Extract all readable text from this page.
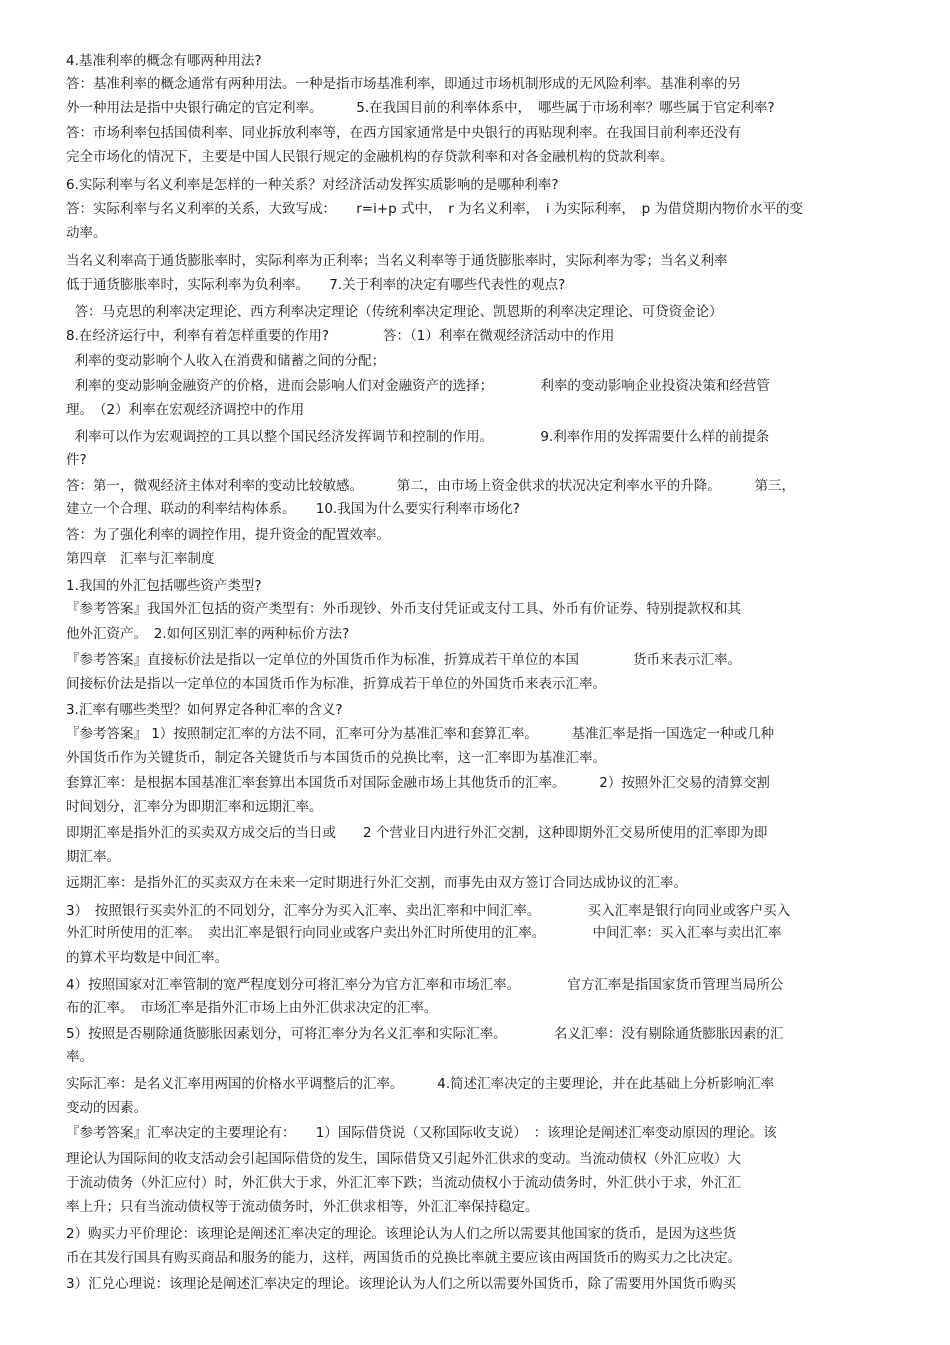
4.基准利率的概念有哪两种用法?
答：基准利率的概念通常有两种用法。一种是指市场基准利率，即通过市场机制形成的无风险利率。基准利率的另
外一种用法是指中央银行确定的官定利率。　　　5.在我国目前的利率体系中，　哪些属于市场利率？哪些属于官定利率?
答：市场利率包括国债利率、同业拆放利率等，在西方国家通常是中央银行的再贴现利率。在我国目前利率还没有
完全市场化的情况下，主要是中国人民银行规定的金融机构的存贷款利率和对各金融机构的贷款利率。
6.实际利率与名义利率是怎样的一种关系？对经济活动发挥实质影响的是哪种利率?
答：实际利率与名义利率的关系，大致写成：　　r=i+p 式中，　r 为名义利率，　i 为实际利率，　p 为借贷期内物价水平的变
动率。
当名义利率高于通货膨胀率时，实际利率为正利率；当名义利率等于通货膨胀率时，实际利率为零；当名义利率
低于通货膨胀率时，实际利率为负利率。　　7.关于利率的决定有哪些代表性的观点?
答：马克思的利率决定理论、西方利率决定理论（传统利率决定理论、凯恩斯的利率决定理论、可贷资金论）
8.在经济运行中，利率有着怎样重要的作用?　　　　答：（1）利率在微观经济活动中的作用
利率的变动影响个人收入在消费和储蓄之间的分配；
利率的变动影响金融资产的价格，进而会影响人们对金融资产的选择；　　　　利率的变动影响企业投资决策和经营管
理。　（2）利率在宏观经济调控中的作用
利率可以作为宏观调控的工具以整个国民经济发挥调节和控制的作用。　　　　9.利率作用的发挥需要什么样的前提条
件?
答：第一，微观经济主体对利率的变动比较敏感。　　　第二，由市场上资金供求的状况决定利率水平的升降。　　　第三，
建立一个合理、联动的利率结构体系。　　10.我国为什么要实行利率市场化?
答：为了强化利率的调控作用，提升资金的配置效率。
第四章　汇率与汇率制度
1.我国的外汇包括哪些资产类型?
『参考答案』我国外汇包括的资产类型有：外币现钞、外币支付凭证或支付工具、外币有价证券、特别提款权和其
他外汇资产。　2.如何区别汇率的两种标价方法?
『参考答案』直接标价法是指以一定单位的外国货币作为标准，折算成若干单位的本国　　　　货币来表示汇率。
间接标价法是指以一定单位的本国货币作为标准，折算成若干单位的外国货币来表示汇率。
3.汇率有哪些类型？如何界定各种汇率的含义?
『参考答案』 1）按照制定汇率的方法不同，汇率可分为基准汇率和套算汇率。　　　基准汇率是指一国选定一种或几种
外国货币作为关键货币，制定各关键货币与本国货币的兑换比率，这一汇率即为基准汇率。
套算汇率：是根据本国基准汇率套算出本国货币对国际金融市场上其他货币的汇率。　　　2）按照外汇交易的清算交割
时间划分，汇率分为即期汇率和远期汇率。
即期汇率是指外汇的买卖双方成交后的当日或　　2 个营业日内进行外汇交割，这种即期外汇交易所使用的汇率即为即
期汇率。
远期汇率：是指外汇的买卖双方在未来一定时期进行外汇交割，而事先由双方签订合同达成协议的汇率。
3）　按照银行买卖外汇的不同划分，汇率分为买入汇率、卖出汇率和中间汇率。　　　　买入汇率是银行向同业或客户买入
外汇时所使用的汇率。　卖出汇率是银行向同业或客户卖出外汇时所使用的汇率。　　　　中间汇率：买入汇率与卖出汇率
的算术平均数是中间汇率。
4）按照国家对汇率管制的宽严程度划分可将汇率分为官方汇率和市场汇率。　　　　官方汇率是指国家货币管理当局所公
布的汇率。　市场汇率是指外汇市场上由外汇供求决定的汇率。
5）按照是否剔除通货膨胀因素划分，可将汇率分为名义汇率和实际汇率。　　　　名义汇率：没有剔除通货膨胀因素的汇
率。
实际汇率：是名义汇率用两国的价格水平调整后的汇率。　　　4.简述汇率决定的主要理论，并在此基础上分析影响汇率
变动的因素。
『参考答案』汇率决定的主要理论有：　　1）国际借贷说（又称国际收支说）　：该理论是阐述汇率变动原因的理论。该
理论认为国际间的收支活动会引起国际借贷的发生，国际借贷又引起外汇供求的变动。当流动债权（外汇应收）大
于流动债务（外汇应付）时，外汇供大于求，外汇汇率下跌；当流动债权小于流动债务时，外汇供小于求，外汇汇
率上升；只有当流动债权等于流动债务时，外汇供求相等，外汇汇率保持稳定。
2）购买力平价理论：该理论是阐述汇率决定的理论。该理论认为人们之所以需要其他国家的货币，是因为这些货
币在其发行国具有购买商品和服务的能力，这样，两国货币的兑换比率就主要应该由两国货币的购买力之比决定。
3）汇兑心理说：该理论是阐述汇率决定的理论。该理论认为人们之所以需要外国货币，除了需要用外国货币购买
